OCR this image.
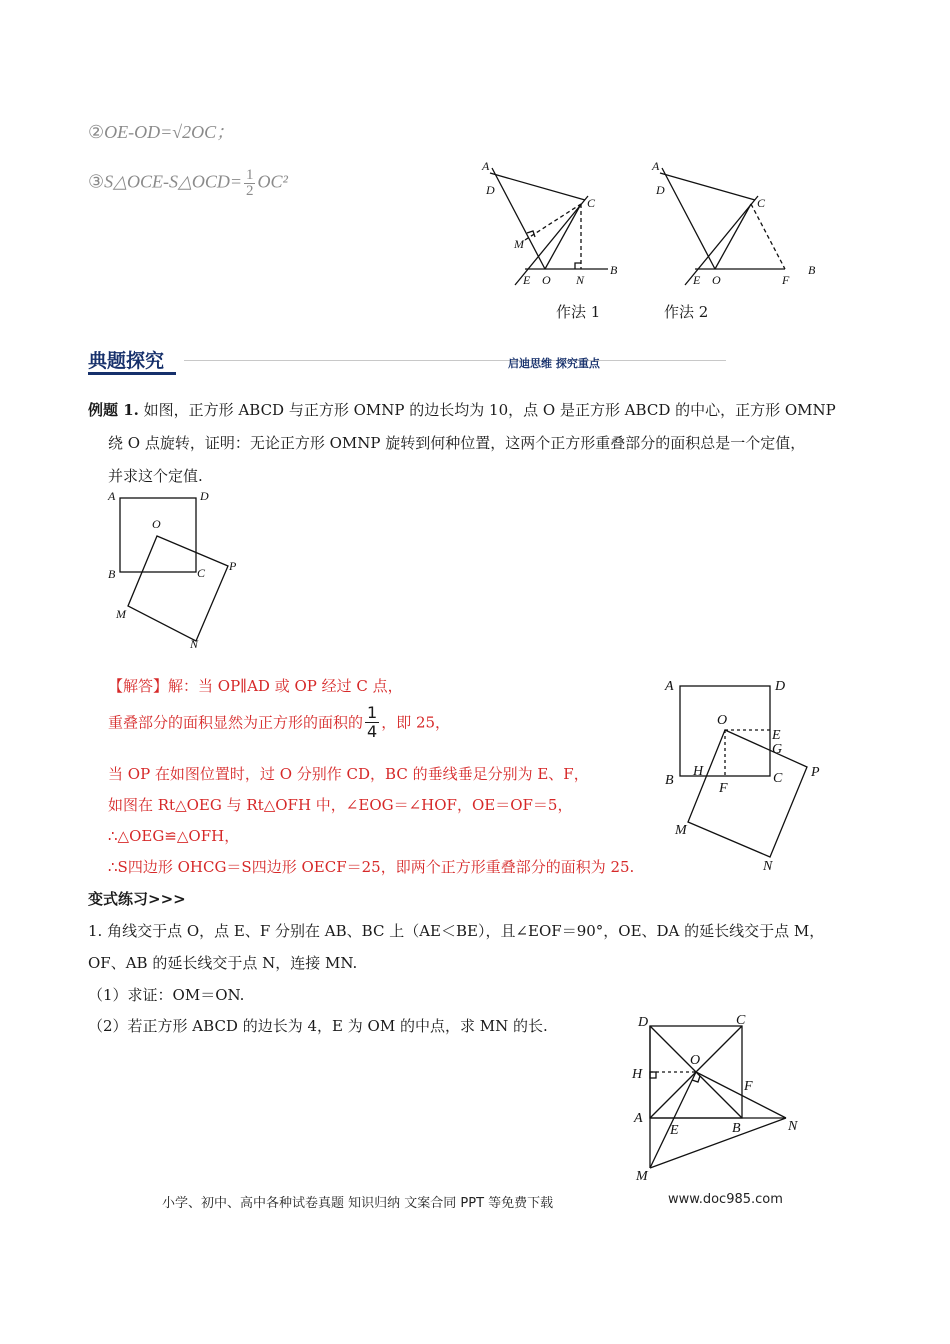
②OE-OD=√2OC；
③S△OCE-S△OCD= $\frac{1}{2} OC^2$
A
D
C
M
E O N
B
A
D
C
E O	F
B
作法 1	作法 2
典题探究	启迪思维 探究重点
例题 1. 如图，正方形 ABCD 与正方形 OMNP 的边长均为 10，点 O 是正方形 ABCD 的中心，正方形 OMNP
绕 O 点旋转，证明：无论正方形 OMNP 旋转到何种位置，这两个正方形重叠部分的面积总是一个定值，
并求这个定值.
A	D
O
B	C P
M
N
【解答】解：当 OP∥AD 或 OP 经过 C 点，
重叠部分的面积显然为正方形的面积的 $\frac{1}{4}$ ，即 25，
当 OP 在如图位置时，过 O 分别作 CD，BC 的垂线垂足分别为 E、F，
如图在 Rt△OEG 与 Rt△OFH 中，∠EOG＝∠HOF，OE＝OF＝5，
∴△OEG≌△OFH，
∴S四边形 OHCG＝S四边形 OECF＝25，即两个正方形重叠部分的面积为 25.
A	D
O
E
G
B
H	C P
F
M
N
变式练习>>>
1. 角线交于点 O，点 E、F 分别在 AB、BC 上（AE＜BE），且∠EOF＝90°，OE、DA 的延长线交于点 M，
OF、AB 的延长线交于点 N，连接 MN.
（1）求证：OM＝ON.
（2）若正方形 ABCD 的边长为 4，E 为 OM 的中点，求 MN 的长.	D	C
O
H
F
A
E	B	N
M
小学、初中、高中各种试卷真题 知识归纳 文案合同 PPT 等免费下载	www.doc985.com
